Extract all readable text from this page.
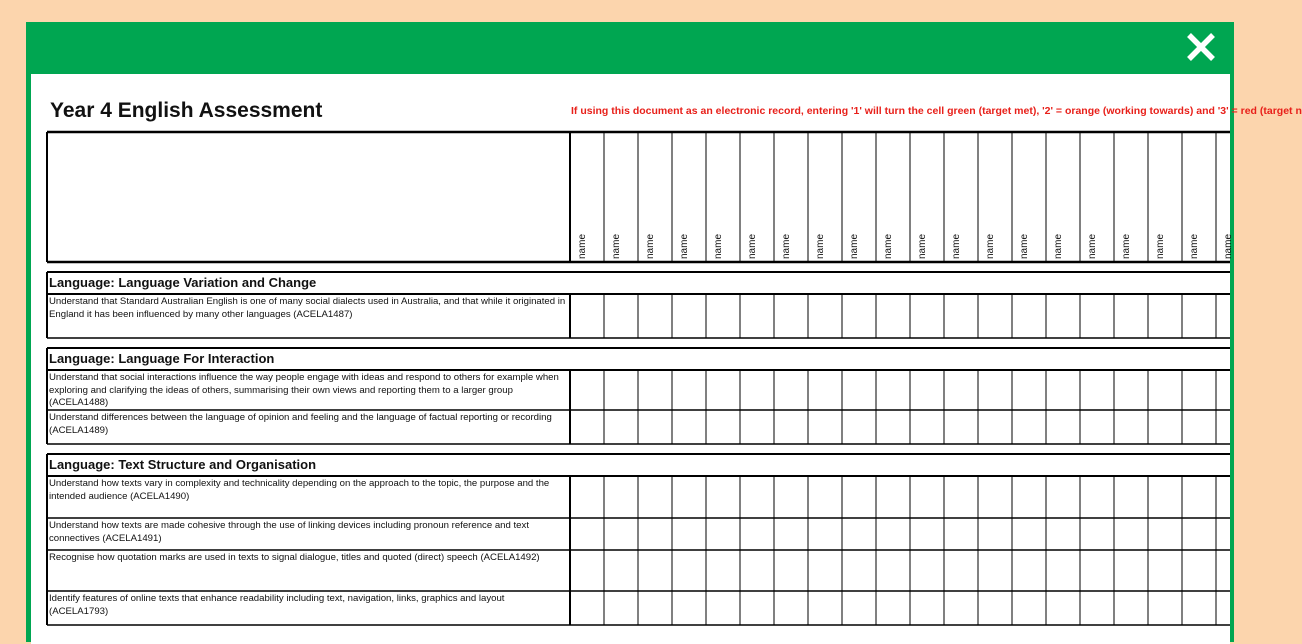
Year 4 English Assessment	If using this document as an electronic record, entering '1' will turn the cell green (target met), '2' = orange (working towards) and '3' = red (target n
name name name name name name name name name name name name name name name name name name name name
Language: Language Variation and Change
Understand that Standard Australian English is one of many social dialects used in Australia, and that while it originated in England it has been influenced by many other languages (ACELA1487)
Language: Language For Interaction
Understand that social interactions influence the way people engage with ideas and respond to others for example when exploring and clarifying the ideas of others, summarising their own views and reporting them to a larger group (ACELA1488)
Understand differences between the language of opinion and feeling and the language of factual reporting or recording (ACELA1489)
Language: Text Structure and Organisation
Understand how texts vary in complexity and technicality depending on the approach to the topic, the purpose and the intended audience (ACELA1490)
Understand how texts are made cohesive through the use of linking devices including pronoun reference and text connectives (ACELA1491)
Recognise how quotation marks are used in texts to signal dialogue, titles and quoted (direct) speech (ACELA1492)
Identify features of online texts that enhance readability including text, navigation, links, graphics and layout (ACELA1793)
